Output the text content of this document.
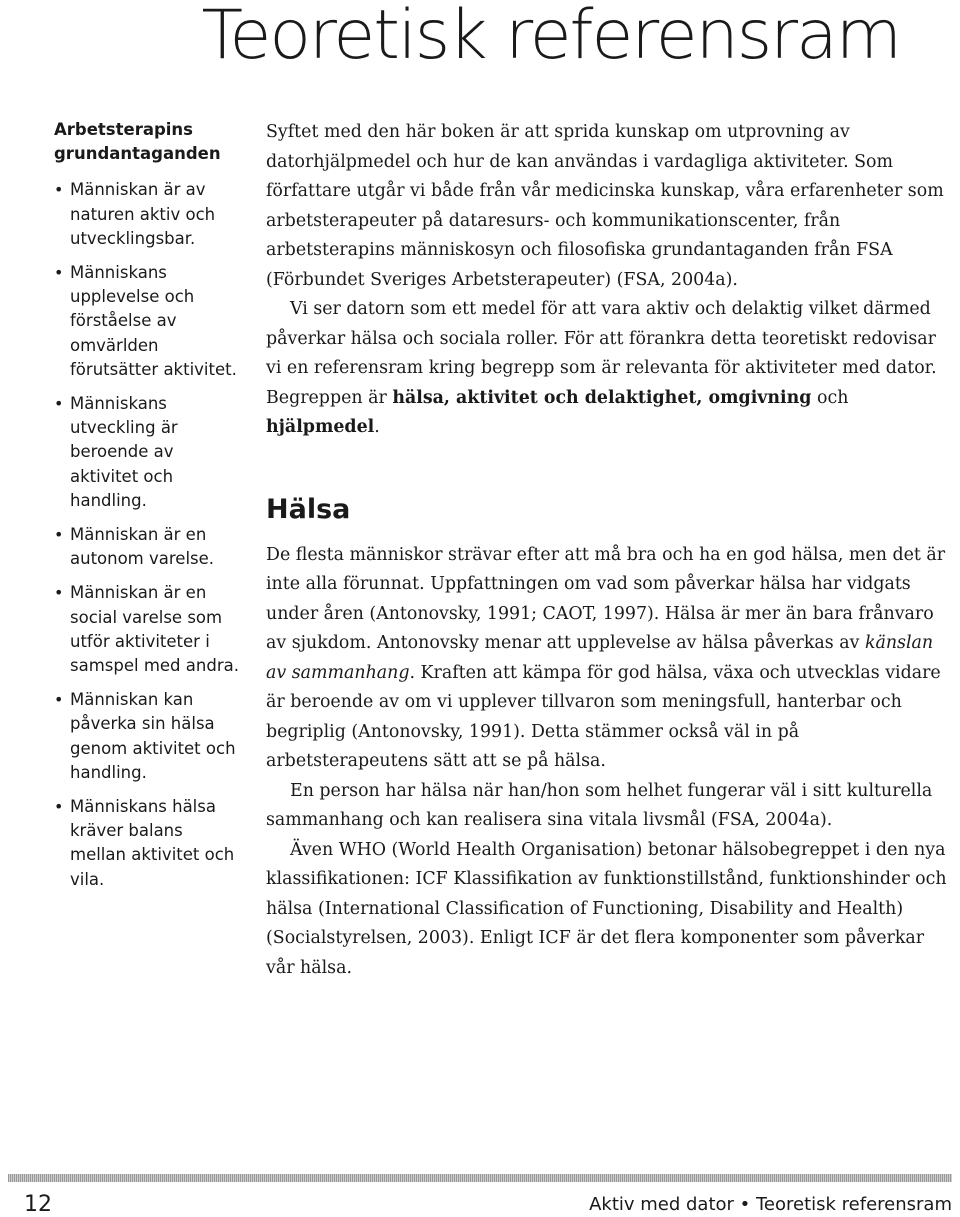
Teoretisk referensram

Arbetsterapins grundantaganden

• Människan är av naturen aktiv och utvecklingsbar.
• Människans upplevelse och förståelse av omvärlden förutsätter aktivitet.
• Människans utveckling är beroende av aktivitet och handling.
• Människan är en autonom varelse.
• Människan är en social varelse som utför aktiviteter i samspel med andra.
• Människan kan påverka sin hälsa genom aktivitet och handling.
• Människans hälsa kräver balans mellan aktivitet och vila.

Syftet med den här boken är att sprida kunskap om utprovning av datorhjälpmedel och hur de kan användas i vardagliga aktiviteter. Som författare utgår vi både från vår medicinska kunskap, våra erfarenheter som arbetsterapeuter på dataresurs- och kommunikationscenter, från arbetsterapins människosyn och filosofiska grundantaganden från FSA (Förbundet Sveriges Arbetsterapeuter) (FSA, 2004a).

Vi ser datorn som ett medel för att vara aktiv och delaktig vilket därmed påverkar hälsa och sociala roller. För att förankra detta teoretiskt redovisar vi en referensram kring begrepp som är relevanta för aktiviteter med dator. Begreppen är hälsa, aktivitet och delaktighet, omgivning och hjälpmedel.

Hälsa

De flesta människor strävar efter att må bra och ha en god hälsa, men det är inte alla förunnat. Uppfattningen om vad som påverkar hälsa har vidgats under åren (Antonovsky, 1991; CAOT, 1997). Hälsa är mer än bara frånvaro av sjukdom. Antonovsky menar att upplevelse av hälsa påverkas av känslan av sammanhang. Kraften att kämpa för god hälsa, växa och utvecklas vidare är beroende av om vi upplever tillvaron som meningsfull, hanterbar och begriplig (Antonovsky, 1991). Detta stämmer också väl in på arbetsterapeutens sätt att se på hälsa.

En person har hälsa när han/hon som helhet fungerar väl i sitt kulturella sammanhang och kan realisera sina vitala livsmål (FSA, 2004a).

Även WHO (World Health Organisation) betonar hälsobegreppet i den nya klassifikationen: ICF Klassifikation av funktionstillstånd, funktionshinder och hälsa (International Classification of Functioning, Disability and Health) (Socialstyrelsen, 2003). Enligt ICF är det flera komponenter som påverkar vår hälsa.

12	Aktiv med dator • Teoretisk referensram
